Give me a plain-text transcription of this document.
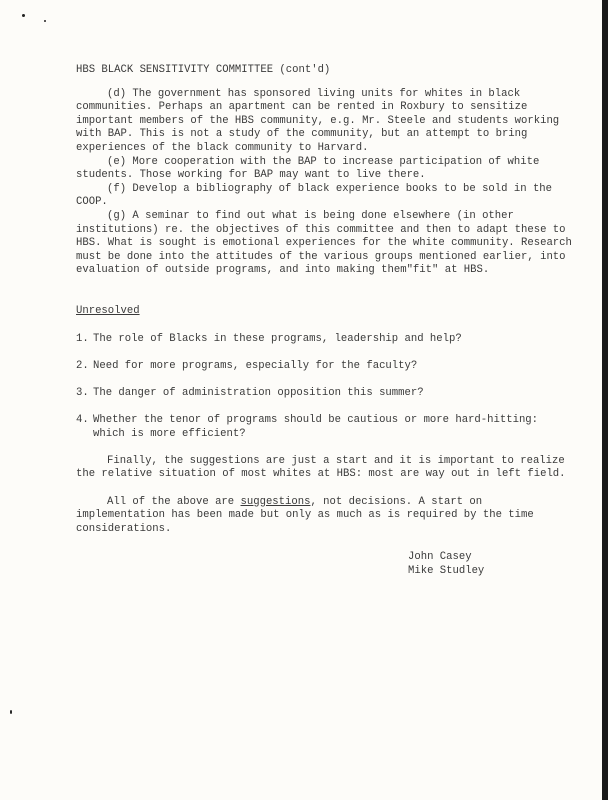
HBS BLACK SENSITIVITY COMMITTEE (cont'd)

(d) The government has sponsored living units for whites in black communities. Perhaps an apartment can be rented in Roxbury to sensitize important members of the HBS community, e.g. Mr. Steele and students working with BAP. This is not a study of the community, but an attempt to bring experiences of the black community to Harvard.

(e) More cooperation with the BAP to increase participation of white students. Those working for BAP may want to live there.

(f) Develop a bibliography of black experience books to be sold in the COOP.

(g) A seminar to find out what is being done elsewhere (in other institutions) re. the objectives of this committee and then to adapt these to HBS. What is sought is emotional experiences for the white community. Research must be done into the attitudes of the various groups mentioned earlier, into evaluation of outside programs, and into making them"fit" at HBS.

Unresolved
1. The role of Blacks in these programs, leadership and help?
2. Need for more programs, especially for the faculty?
3. The danger of administration opposition this summer?
4. Whether the tenor of programs should be cautious or more hard-hitting: which is more efficient?

Finally, the suggestions are just a start and it is important to realize the relative situation of most whites at HBS: most are way out in left field.

All of the above are suggestions, not decisions. A start on implementation has been made but only as much as is required by the time considerations.

John Casey
Mike Studley
